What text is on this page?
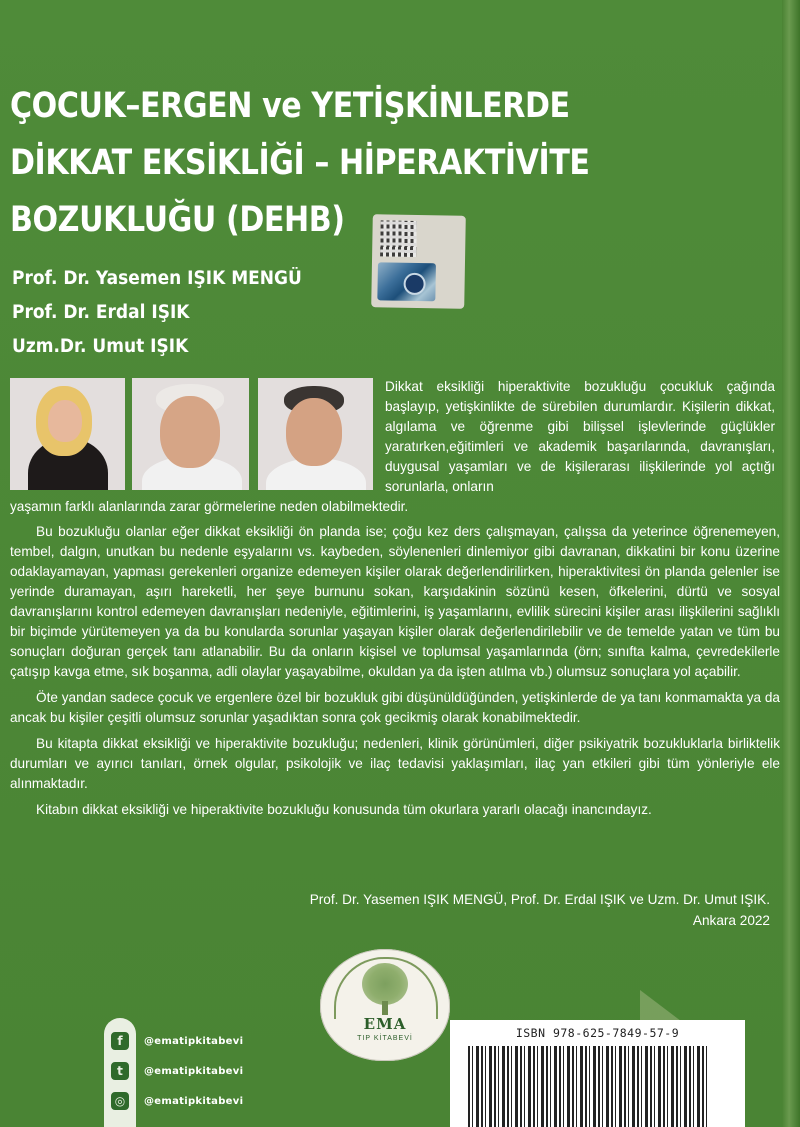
ÇOCUK–ERGEN ve YETİŞKİNLERDE
DİKKAT EKSİKLİĞİ – HİPERAKTİVİTE
BOZUKLUĞU (DEHB)
Prof. Dr. Yasemen IŞIK MENGÜ
Prof. Dr. Erdal IŞIK
Uzm.Dr. Umut IŞIK
Dikkat eksikliği hiperaktivite bozukluğu çocukluk çağında başlayıp, yetişkinlikte de sürebilen durumlardır. Kişilerin dikkat, algılama ve öğrenme gibi bilişsel işlevlerinde güçlükler yaratırken,eğitimleri ve akademik başarılarında, davranışları, duygusal yaşamları ve de kişilerarası ilişkilerinde yol açtığı sorunlarla, onların
yaşamın farklı alanlarında zarar görmelerine neden olabilmektedir.

Bu bozukluğu olanlar eğer dikkat eksikliği ön planda ise; çoğu kez ders çalışmayan, çalışsa da yeterince öğrenemeyen, tembel, dalgın, unutkan bu nedenle eşyalarını vs. kaybeden, söylenenleri dinlemiyor gibi davranan, dikkatini bir konu üzerine odaklayamayan, yapması gerekenleri organize edemeyen kişiler olarak değerlendirilirken, hiperaktivitesi ön planda gelenler ise yerinde duramayan, aşırı hareketli, her şeye burnunu sokan, karşıdakinin sözünü kesen, öfkelerini, dürtü ve sosyal davranışlarını kontrol edemeyen davranışları nedeniyle, eğitimlerini, iş yaşamlarını, evlilik sürecini kişiler arası ilişkilerini sağlıklı bir biçimde yürütemeyen ya da bu konularda sorunlar yaşayan kişiler olarak değerlendirilebilir ve de temelde yatan ve tüm bu sonuçları doğuran gerçek tanı atlanabilir. Bu da onların kişisel ve toplumsal yaşamlarında (örn; sınıfta kalma, çevredekilerle çatışıp kavga etme, sık boşanma, adli olaylar yaşayabilme, okuldan ya da işten atılma vb.) olumsuz sonuçlara yol açabilir.

Öte yandan sadece çocuk ve ergenlere özel bir bozukluk gibi düşünüldüğünden, yetişkinlerde de ya tanı konmamakta ya da ancak bu kişiler çeşitli olumsuz sorunlar yaşadıktan sonra çok gecikmiş olarak konabilmektedir.

Bu kitapta dikkat eksikliği ve hiperaktivite bozukluğu; nedenleri, klinik görünümleri, diğer psikiyatrik bozukluklarla birliktelik durumları ve ayırıcı tanıları, örnek olgular, psikolojik ve ilaç tedavisi yaklaşımları, ilaç yan etkileri gibi tüm yönleriyle ele alınmaktadır.

Kitabın dikkat eksikliği ve hiperaktivite bozukluğu konusunda tüm okurlara yararlı olacağı inancındayız.

Prof. Dr. Yasemen IŞIK MENGÜ, Prof. Dr. Erdal IŞIK ve Uzm. Dr. Umut IŞIK.
Ankara 2022
EMA
TIP KİTABEVİ	ISBN 978-625-7849-57-9
f
t
◎
@ematipkitabevi
@ematipkitabevi
@ematipkitabevi
